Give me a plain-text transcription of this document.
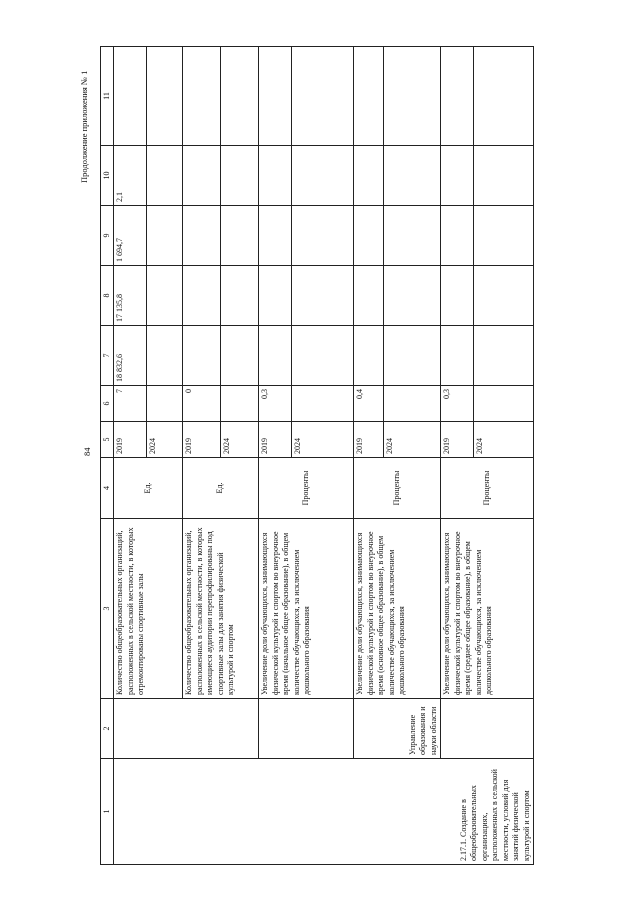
84
Продолжение приложения № 1
1	2	3	4	5	6	7	8	9	10	11
2.17.1. Создание в общеобразовательных организациях, расположенных в сельской местности, условий для занятий физической культурой и спортом		Количество общеобразовательных организаций, расположенных в сельской местности, в которых отремонтированы спортивные залы	Ед.	2019	7	18 832,6	17 135,8	1 694,7	2,1	
				2024						
		Количество общеобразовательных организаций, расположенных в сельской местности, в которых имеющиеся аудитории перепрофилированы под спортивные залы для занятия физической культурой и спортом	Ед.	2019	0					
				2024						
		Увеличение доли обучающихся, занимающихся физической культурой и спортом во внеурочное время (начальное общее образование), в общем количестве обучающихся, за исключением дошкольного образования	Проценты	2019	0,3					
				2024						
	Управление образования и науки области	Увеличение доли обучающихся, занимающихся физической культурой и спортом во внеурочное время (основное общее образование), в общем количестве обучающихся, за исключением дошкольного образования	Проценты	2019	0,4					
				2024						
		Увеличение доли обучающихся, занимающихся физической культурой и спортом во внеурочное время (среднее общее образование), в общем количестве обучающихся, за исключением дошкольного образования	Проценты	2019	0,3					
				2024						
